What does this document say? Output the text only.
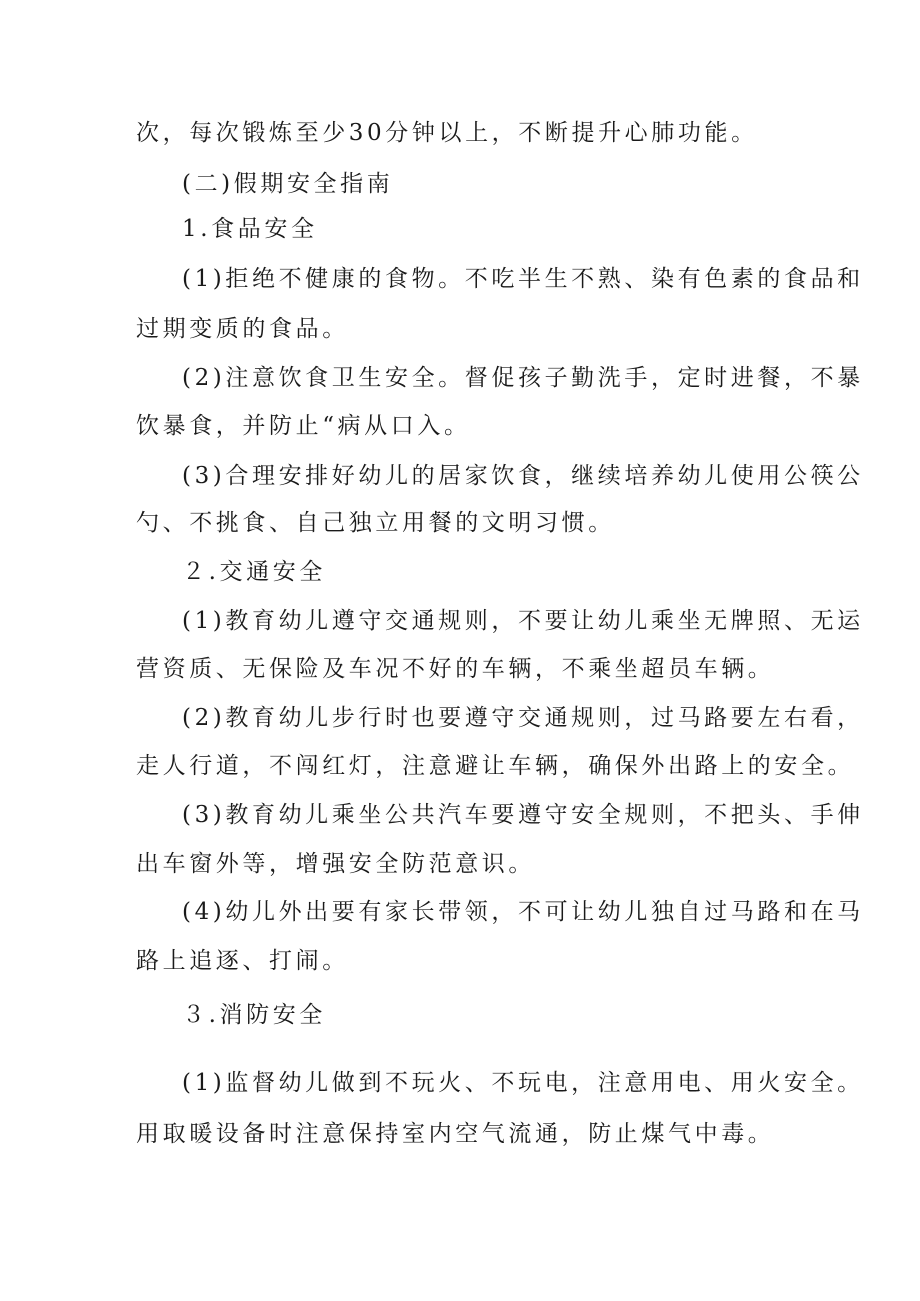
次，每次锻炼至少30分钟以上，不断提升心肺功能。
(二)假期安全指南
1.食品安全
(1)拒绝不健康的食物。不吃半生不熟、染有色素的食品和
过期变质的食品。
(2)注意饮食卫生安全。督促孩子勤洗手，定时进餐，不暴
饮暴食，并防止“病从口入。
(3)合理安排好幼儿的居家饮食，继续培养幼儿使用公筷公
勺、不挑食、自己独立用餐的文明习惯。
２.交通安全
(1)教育幼儿遵守交通规则，不要让幼儿乘坐无牌照、无运
营资质、无保险及车况不好的车辆，不乘坐超员车辆。
(2)教育幼儿步行时也要遵守交通规则，过马路要左右看，
走人行道，不闯红灯，注意避让车辆，确保外出路上的安全。
(3)教育幼儿乘坐公共汽车要遵守安全规则，不把头、手伸
出车窗外等，增强安全防范意识。
(4)幼儿外出要有家长带领，不可让幼儿独自过马路和在马
路上追逐、打闹。
３.消防安全
(1)监督幼儿做到不玩火、不玩电，注意用电、用火安全。
用取暖设备时注意保持室内空气流通，防止煤气中毒。
